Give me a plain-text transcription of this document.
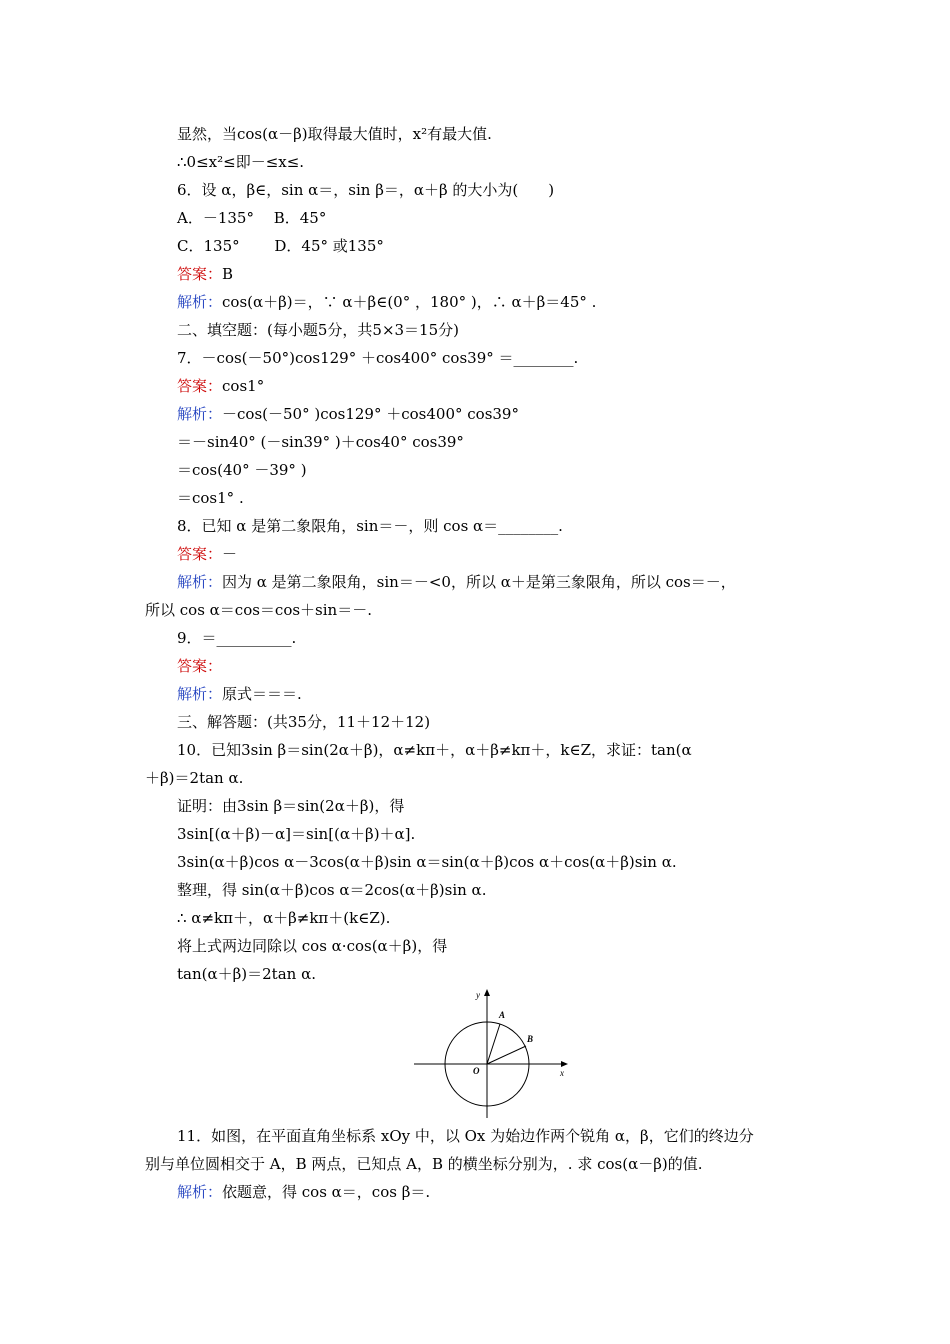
显然，当cos(α－β)取得最大值时，x²有最大值.
∴0≤x²≤即－≤x≤.
6．设 α，β∈，sin α＝，sin β＝，α＋β 的大小为(　　)
A．－135°　 B．45°
C．135°　　 D．45° 或135°
答案：B
解析：cos(α＋β)＝，∵ α＋β∈(0° ，180° )，∴ α＋β＝45° .
二、填空题：(每小题5分，共5×3＝15分)
7．－cos(－50°)cos129° ＋cos400° cos39° ＝________.
答案：cos1°
解析：－cos(－50° )cos129° ＋cos400° cos39°
＝－sin40° (－sin39° )＋cos40° cos39°
＝cos(40° －39° )
＝cos1° .
8．已知 α 是第二象限角，sin＝－，则 cos α＝________.
答案：－
解析：因为 α 是第二象限角，sin＝－<0，所以 α＋是第三象限角，所以 cos＝－，
所以 cos α＝cos＝cos＋sin＝－.
9．＝__________.
答案：
解析：原式＝＝＝.
三、解答题：(共35分，11＋12＋12)
10．已知3sin β＝sin(2α＋β)，α≠kπ＋，α＋β≠kπ＋，k∈Z，求证：tan(α
＋β)＝2tan α.
证明：由3sin β＝sin(2α＋β)，得
3sin[(α＋β)－α]＝sin[(α＋β)＋α].
3sin(α＋β)cos α－3cos(α＋β)sin α＝sin(α＋β)cos α＋cos(α＋β)sin α.
整理，得 sin(α＋β)cos α＝2cos(α＋β)sin α.
∴ α≠kπ＋，α＋β≠kπ＋(k∈Z).
将上式两边同除以 cos α·cos(α＋β)，得
tan(α＋β)＝2tan α.
y
x
O
A
B
11．如图，在平面直角坐标系 xOy 中，以 Ox 为始边作两个锐角 α，β，它们的终边分
别与单位圆相交于 A，B 两点，已知点 A，B 的横坐标分别为，. 求 cos(α－β)的值.
解析：依题意，得 cos α＝，cos β＝.
